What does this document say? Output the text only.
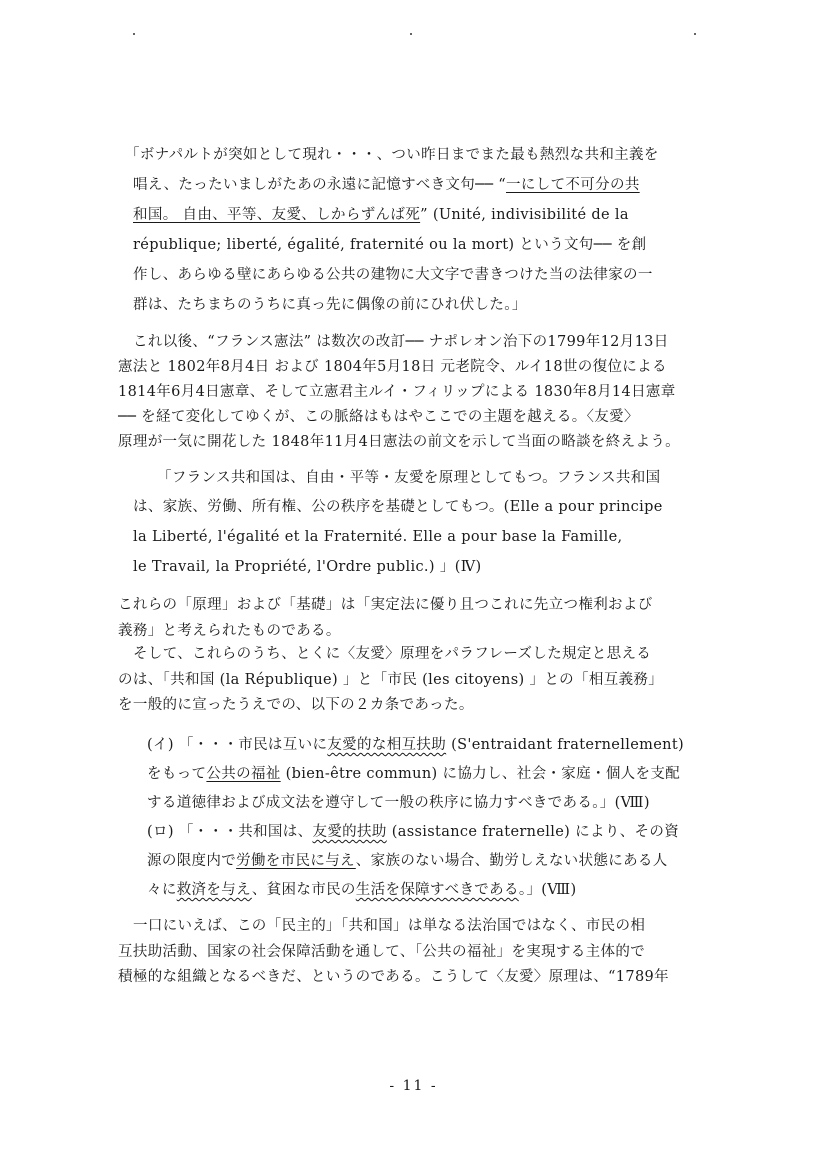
「ボナパルトが突如として現れ・・・、つい昨日までまた最も熱烈な共和主義を
唱え、たったいましがたあの永遠に記憶すべき文句── “一にして不可分の共
和国。 自由、平等、友愛、しからずんば死” (Unité, indivisibilité de la
république; liberté, égalité, fraternité ou la mort) という文句── を創
作し、あらゆる壁にあらゆる公共の建物に大文字で書きつけた当の法律家の一
群は、たちまちのうちに真っ先に偶像の前にひれ伏した。」
これ以後、“フランス憲法” は数次の改訂── ナポレオン治下の1799年12月13日
憲法と 1802年8月4日 および 1804年5月18日 元老院令、ルイ18世の復位による
1814年6月4日憲章、そして立憲君主ルイ・フィリップによる 1830年8月14日憲章
── を経て変化してゆくが、この脈絡はもはやここでの主題を越える。〈友愛〉
原理が一気に開花した 1848年11月4日憲法の前文を示して当面の略談を終えよう。
「フランス共和国は、自由・平等・友愛を原理としてもつ。フランス共和国
は、家族、労働、所有権、公の秩序を基礎としてもつ。(Elle a pour principe
la Liberté, l'égalité et la Fraternité. Elle a pour base la Famille,
le Travail, la Propriété, l'Ordre public.) 」(Ⅳ)
これらの「原理」および「基礎」は「実定法に優り且つこれに先立つ権利および
義務」と考えられたものである。
そして、これらのうち、とくに〈友愛〉原理をパラフレーズした規定と思える
のは、「共和国 (la République) 」と「市民 (les citoyens) 」との「相互義務」
を一般的に宣ったうえでの、以下の２カ条であった。
(イ) 「・・・市民は互いに友愛的な相互扶助 (S'entraidant fraternellement)
をもって公共の福祉 (bien-être commun) に協力し、社会・家庭・個人を支配
する道徳律および成文法を遵守して一般の秩序に協力すべきである。」(Ⅷ)
(ロ) 「・・・共和国は、友愛的扶助 (assistance fraternelle) により、その資
源の限度内で労働を市民に与え、家族のない場合、勤労しえない状態にある人
々に救済を与え、貧困な市民の生活を保障すべきである。」(Ⅷ)
一口にいえば、この「民主的」「共和国」は単なる法治国ではなく、市民の相
互扶助活動、国家の社会保障活動を通して、「公共の福祉」を実現する主体的で
積極的な組織となるべきだ、というのである。こうして〈友愛〉原理は、“1789年
- 11 -
